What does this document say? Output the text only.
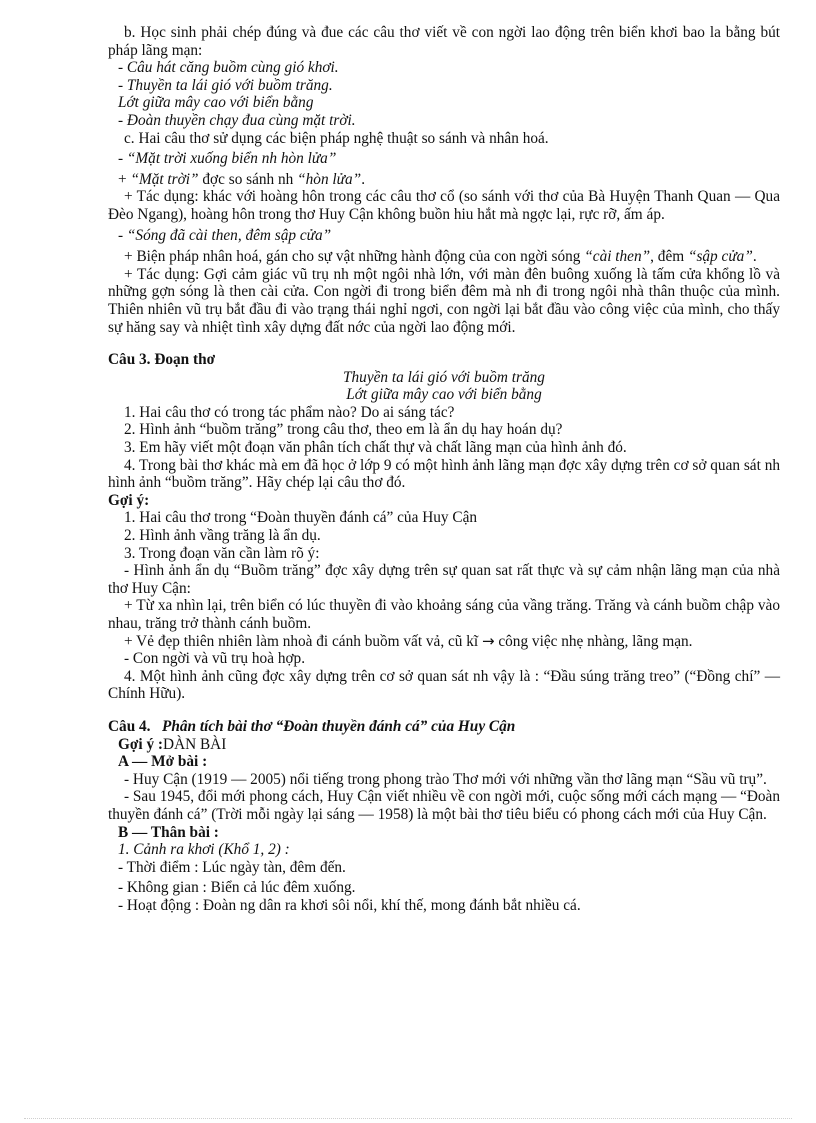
b. Học sinh phải chép đúng và đue các câu thơ viết về con ngời lao động trên biển khơi bao la bằng bút pháp lãng mạn:

- Câu hát căng buồm cùng gió khơi.

- Thuyền ta lái gió với buồm trăng.

Lớt giữa mây cao với biển bằng

- Đoàn thuyền chạy đua cùng mặt trời.

c. Hai câu thơ sử dụng các biện pháp nghệ thuật so sánh và nhân hoá.

- “Mặt trời xuống biển nh hòn lửa”

+ “Mặt trời” đợc so sánh nh “hòn lửa”.

+ Tác dụng: khác với hoàng hôn trong các câu thơ cổ (so sánh với thơ của Bà Huyện Thanh Quan — Qua Đèo Ngang), hoàng hôn trong thơ Huy Cận không buồn hiu hắt mà ngợc lại, rực rỡ, ấm áp.

- “Sóng đã cài then, đêm sập cửa”

+ Biện pháp nhân hoá, gán cho sự vật những hành động của con ngời sóng “cài then”, đêm “sập cửa”.

+ Tác dụng: Gợi cảm giác vũ trụ nh một ngôi nhà lớn, với màn đên buông xuống là tấm cửa khổng lồ và những gợn sóng là then cài cửa. Con ngời đi trong biển đêm mà nh đi trong ngôi nhà thân thuộc của mình. Thiên nhiên vũ trụ bắt đầu đi vào trạng thái nghỉ ngơi, con ngời lại bắt đầu vào công việc của mình, cho thấy sự hăng say và nhiệt tình xây dựng đất nớc của ngời lao động mới.

Câu 3. Đoạn thơ

Thuyền ta lái gió với buồm trăng

Lớt giữa mây cao với biển bằng

1. Hai câu thơ có trong tác phẩm nào? Do ai sáng tác?

2. Hình ảnh “buồm trăng” trong câu thơ, theo em là ẩn dụ hay hoán dụ?

3. Em hãy viết một đoạn văn phân tích chất thự và chất lãng mạn của hình ảnh đó.

4. Trong bài thơ khác mà em đã học ở lớp 9 có một hình ảnh lãng mạn đợc xây dựng trên cơ sở quan sát nh hình ảnh “buồm trăng”. Hãy chép lại câu thơ đó.

Gợi ý:

1. Hai câu thơ trong “Đoàn thuyền đánh cá” của Huy Cận

2. Hình ảnh vầng trăng là ẩn dụ.

3. Trong đoạn văn cần làm rõ ý:

- Hình ảnh ẩn dụ “Buồm trăng” đợc xây dựng trên sự quan sat rất thực và sự cảm nhận lãng mạn của nhà thơ Huy Cận:

+ Từ xa nhìn lại, trên biển có lúc thuyền đi vào khoảng sáng của vầng trăng. Trăng và cánh buồm chập vào nhau, trăng trở thành cánh buồm.

+ Vẻ đẹp thiên nhiên làm nhoà đi cánh buồm vất vả, cũ kĩ → công việc nhẹ nhàng, lãng mạn.

- Con ngời và vũ trụ hoà hợp.

4. Một hình ảnh cũng đợc xây dựng trên cơ sở quan sát nh vậy là : “Đầu súng trăng treo” (“Đồng chí” — Chính Hữu).

Câu 4. Phân tích bài thơ “Đoàn thuyền đánh cá” của Huy Cận

Gợi ý :DÀN BÀI

A — Mở bài :

- Huy Cận (1919 — 2005) nổi tiếng trong phong trào Thơ mới với những vần thơ lãng mạn “Sầu vũ trụ”.

- Sau 1945, đổi mới phong cách, Huy Cận viết nhiều về con ngời mới, cuộc sống mới cách mạng — “Đoàn thuyền đánh cá” (Trời mỗi ngày lại sáng — 1958) là một bài thơ tiêu biểu có phong cách mới của Huy Cận.

B — Thân bài :

1. Cảnh ra khơi (Khổ 1, 2) :

- Thời điểm : Lúc ngày tàn, đêm đến.

- Không gian : Biển cả lúc đêm xuống.

- Hoạt động : Đoàn ng dân ra khơi sôi nổi, khí thế, mong đánh bắt nhiều cá.
